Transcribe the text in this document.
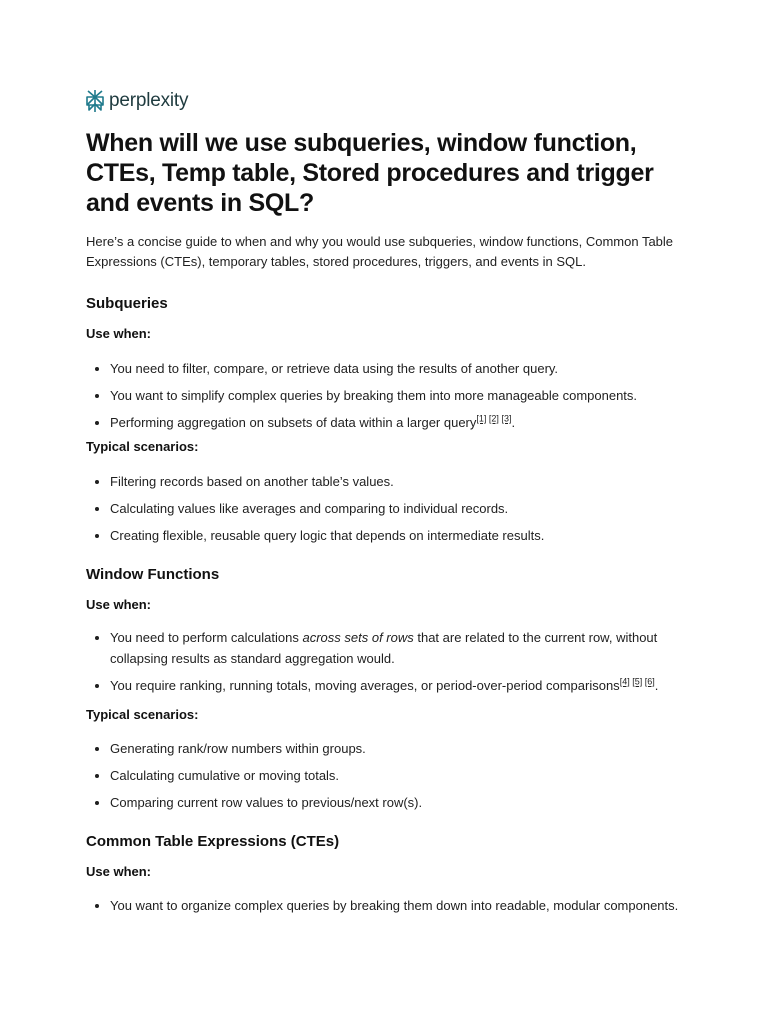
perplexity
When will we use subqueries, window function, CTEs, Temp table, Stored procedures and trigger and events in SQL?

Here’s a concise guide to when and why you would use subqueries, window functions, Common Table Expressions (CTEs), temporary tables, stored procedures, triggers, and events in SQL.

Subqueries

Use when:

• You need to filter, compare, or retrieve data using the results of another query.
• You want to simplify complex queries by breaking them into more manageable components.
• Performing aggregation on subsets of data within a larger query[1] [2] [3].

Typical scenarios:

• Filtering records based on another table’s values.
• Calculating values like averages and comparing to individual records.
• Creating flexible, reusable query logic that depends on intermediate results.
Window Functions

Use when:

• You need to perform calculations across sets of rows that are related to the current row, without collapsing results as standard aggregation would.
• You require ranking, running totals, moving averages, or period-over-period comparisons[4] [5] [6].

Typical scenarios:

• Generating rank/row numbers within groups.
• Calculating cumulative or moving totals.
• Comparing current row values to previous/next row(s).
Common Table Expressions (CTEs)

Use when:

• You want to organize complex queries by breaking them down into readable, modular components.
